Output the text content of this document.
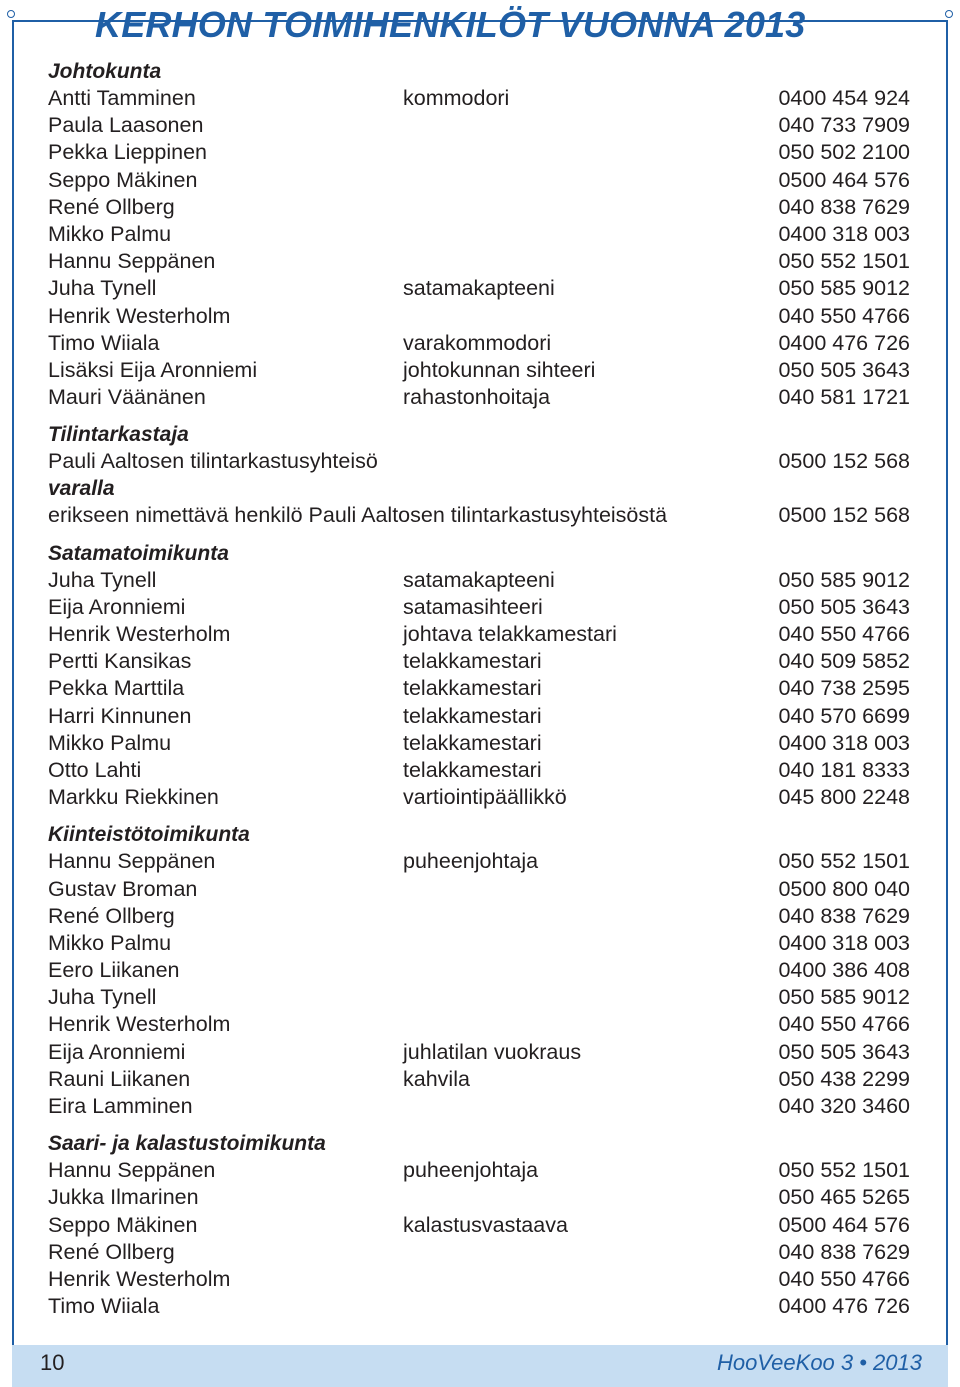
KERHON TOIMIHENKILÖT VUONNA 2013
Johtokunta
Antti Tamminen	kommodori	0400 454 924
Paula Laasonen	040 733 7909
Pekka Lieppinen	050 502 2100
Seppo Mäkinen	0500 464 576
René Ollberg	040 838 7629
Mikko Palmu	0400 318 003
Hannu Seppänen	050 552 1501
Juha Tynell	satamakapteeni	050 585 9012
Henrik Westerholm	040 550 4766
Timo Wiiala	varakommodori	0400 476 726
Lisäksi Eija Aronniemi	johtokunnan sihteeri	050 505 3643
Mauri Väänänen	rahastonhoitaja	040 581 1721
Tilintarkastaja
Pauli Aaltosen tilintarkastusyhteisö	0500 152 568
varalla
erikseen nimettävä henkilö Pauli Aaltosen tilintarkastusyhteisöstä	0500 152 568
Satamatoimikunta
Juha Tynell	satamakapteeni	050 585 9012
Eija Aronniemi	satamasihteeri	050 505 3643
Henrik Westerholm	johtava telakkamestari	040 550 4766
Pertti Kansikas	telakkamestari	040 509 5852
Pekka Marttila	telakkamestari	040 738 2595
Harri Kinnunen	telakkamestari	040 570 6699
Mikko Palmu	telakkamestari	0400 318 003
Otto Lahti	telakkamestari	040 181 8333
Markku Riekkinen	vartiointipäällikkö	045 800 2248
Kiinteistötoimikunta
Hannu Seppänen	puheenjohtaja	050 552 1501
Gustav Broman	0500 800 040
René Ollberg	040 838 7629
Mikko Palmu	0400 318 003
Eero Liikanen	0400 386 408
Juha Tynell	050 585 9012
Henrik Westerholm	040 550 4766
Eija Aronniemi	juhlatilan vuokraus	050 505 3643
Rauni Liikanen	kahvila	050 438 2299
Eira Lamminen	040 320 3460
Saari- ja kalastustoimikunta
Hannu Seppänen	puheenjohtaja	050 552 1501
Jukka Ilmarinen	050 465 5265
Seppo Mäkinen	kalastusvastaava	0500 464 576
René Ollberg	040 838 7629
Henrik Westerholm	040 550 4766
Timo Wiiala	0400 476 726
10	HooVeeKoo 3 • 2013
